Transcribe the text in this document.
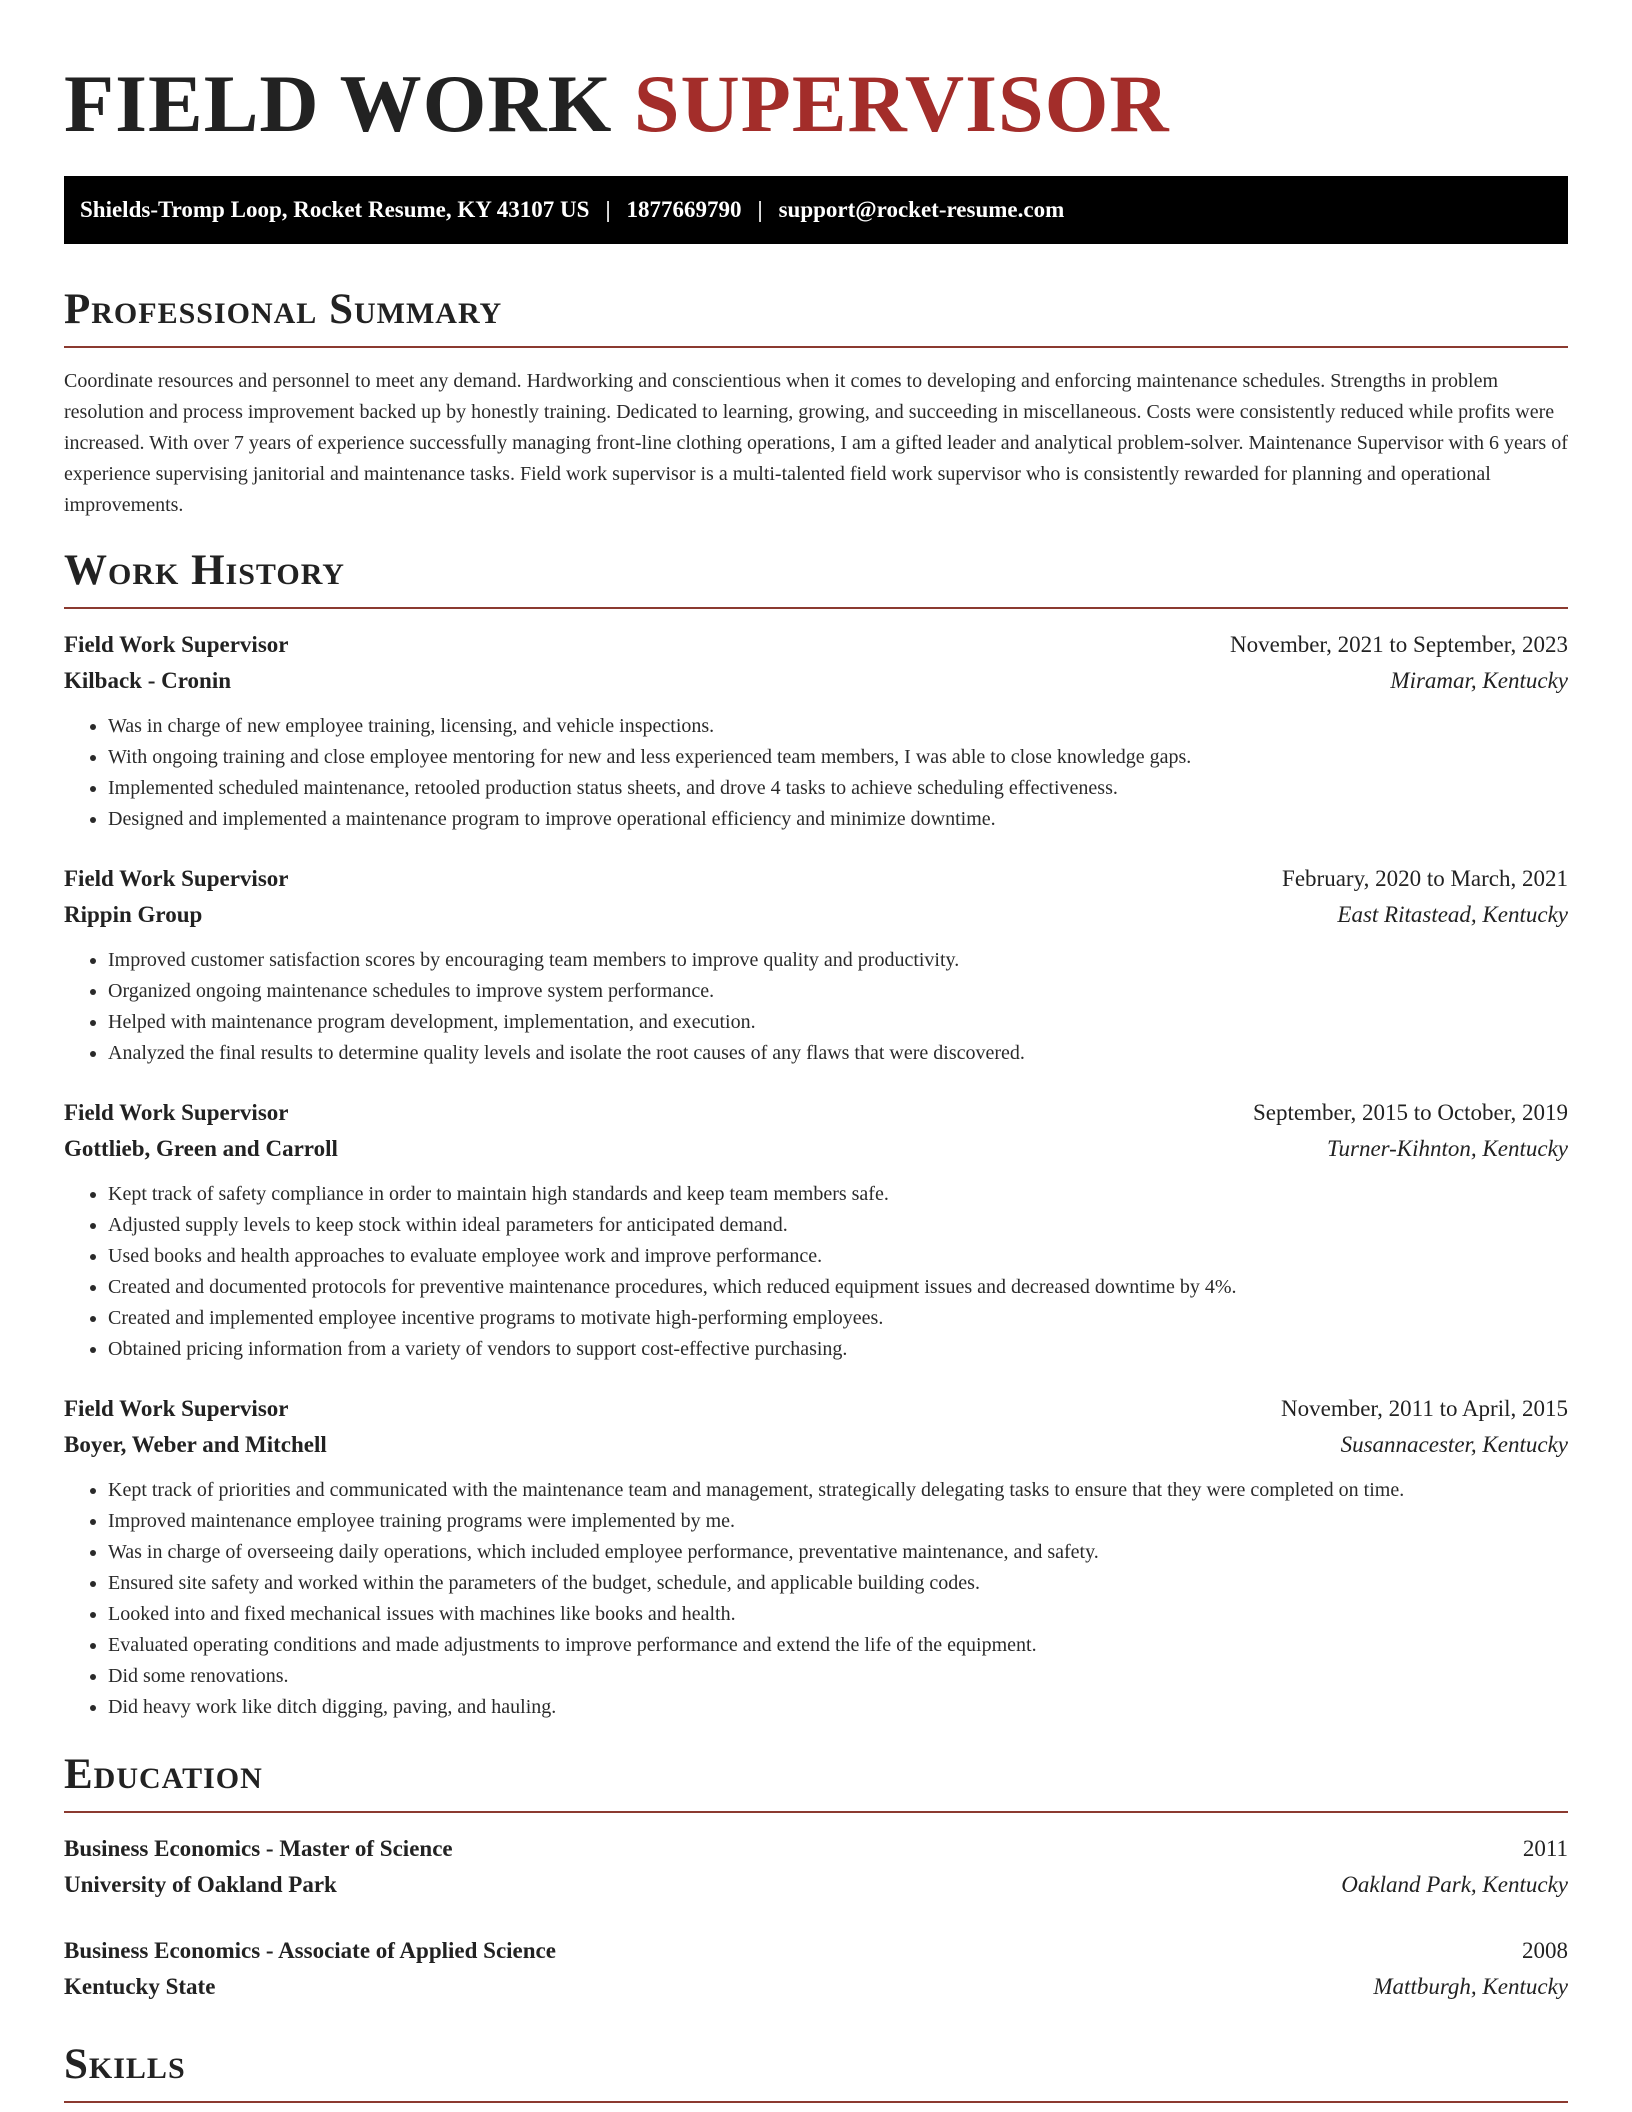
FIELD WORK SUPERVISOR
Shields-Tromp Loop, Rocket Resume, KY 43107 US | 1877669790 | support@rocket-resume.com
Professional Summary

Coordinate resources and personnel to meet any demand. Hardworking and conscientious when it comes to developing and enforcing maintenance schedules. Strengths in problem resolution and process improvement backed up by honestly training. Dedicated to learning, growing, and succeeding in miscellaneous. Costs were consistently reduced while profits were increased. With over 7 years of experience successfully managing front-line clothing operations, I am a gifted leader and analytical problem-solver. Maintenance Supervisor with 6 years of experience supervising janitorial and maintenance tasks. Field work supervisor is a multi-talented field work supervisor who is consistently rewarded for planning and operational improvements.

Work History
Field Work Supervisor	November, 2021 to September, 2023
Kilback - Cronin	Miramar, Kentucky
• Was in charge of new employee training, licensing, and vehicle inspections.
• With ongoing training and close employee mentoring for new and less experienced team members, I was able to close knowledge gaps.
• Implemented scheduled maintenance, retooled production status sheets, and drove 4 tasks to achieve scheduling effectiveness.
• Designed and implemented a maintenance program to improve operational efficiency and minimize downtime.
Field Work Supervisor	February, 2020 to March, 2021
Rippin Group	East Ritastead, Kentucky
• Improved customer satisfaction scores by encouraging team members to improve quality and productivity.
• Organized ongoing maintenance schedules to improve system performance.
• Helped with maintenance program development, implementation, and execution.
• Analyzed the final results to determine quality levels and isolate the root causes of any flaws that were discovered.
Field Work Supervisor	September, 2015 to October, 2019
Gottlieb, Green and Carroll	Turner-Kihnton, Kentucky
• Kept track of safety compliance in order to maintain high standards and keep team members safe.
• Adjusted supply levels to keep stock within ideal parameters for anticipated demand.
• Used books and health approaches to evaluate employee work and improve performance.
• Created and documented protocols for preventive maintenance procedures, which reduced equipment issues and decreased downtime by 4%.
• Created and implemented employee incentive programs to motivate high-performing employees.
• Obtained pricing information from a variety of vendors to support cost-effective purchasing.
Field Work Supervisor	November, 2011 to April, 2015
Boyer, Weber and Mitchell	Susannacester, Kentucky
• Kept track of priorities and communicated with the maintenance team and management, strategically delegating tasks to ensure that they were completed on time.
• Improved maintenance employee training programs were implemented by me.
• Was in charge of overseeing daily operations, which included employee performance, preventative maintenance, and safety.
• Ensured site safety and worked within the parameters of the budget, schedule, and applicable building codes.
• Looked into and fixed mechanical issues with machines like books and health.
• Evaluated operating conditions and made adjustments to improve performance and extend the life of the equipment.
• Did some renovations.
• Did heavy work like ditch digging, paving, and hauling.
Education
Business Economics - Master of Science	2011
University of Oakland Park	Oakland Park, Kentucky
Business Economics - Associate of Applied Science	2008
Kentucky State	Mattburgh, Kentucky
Skills
